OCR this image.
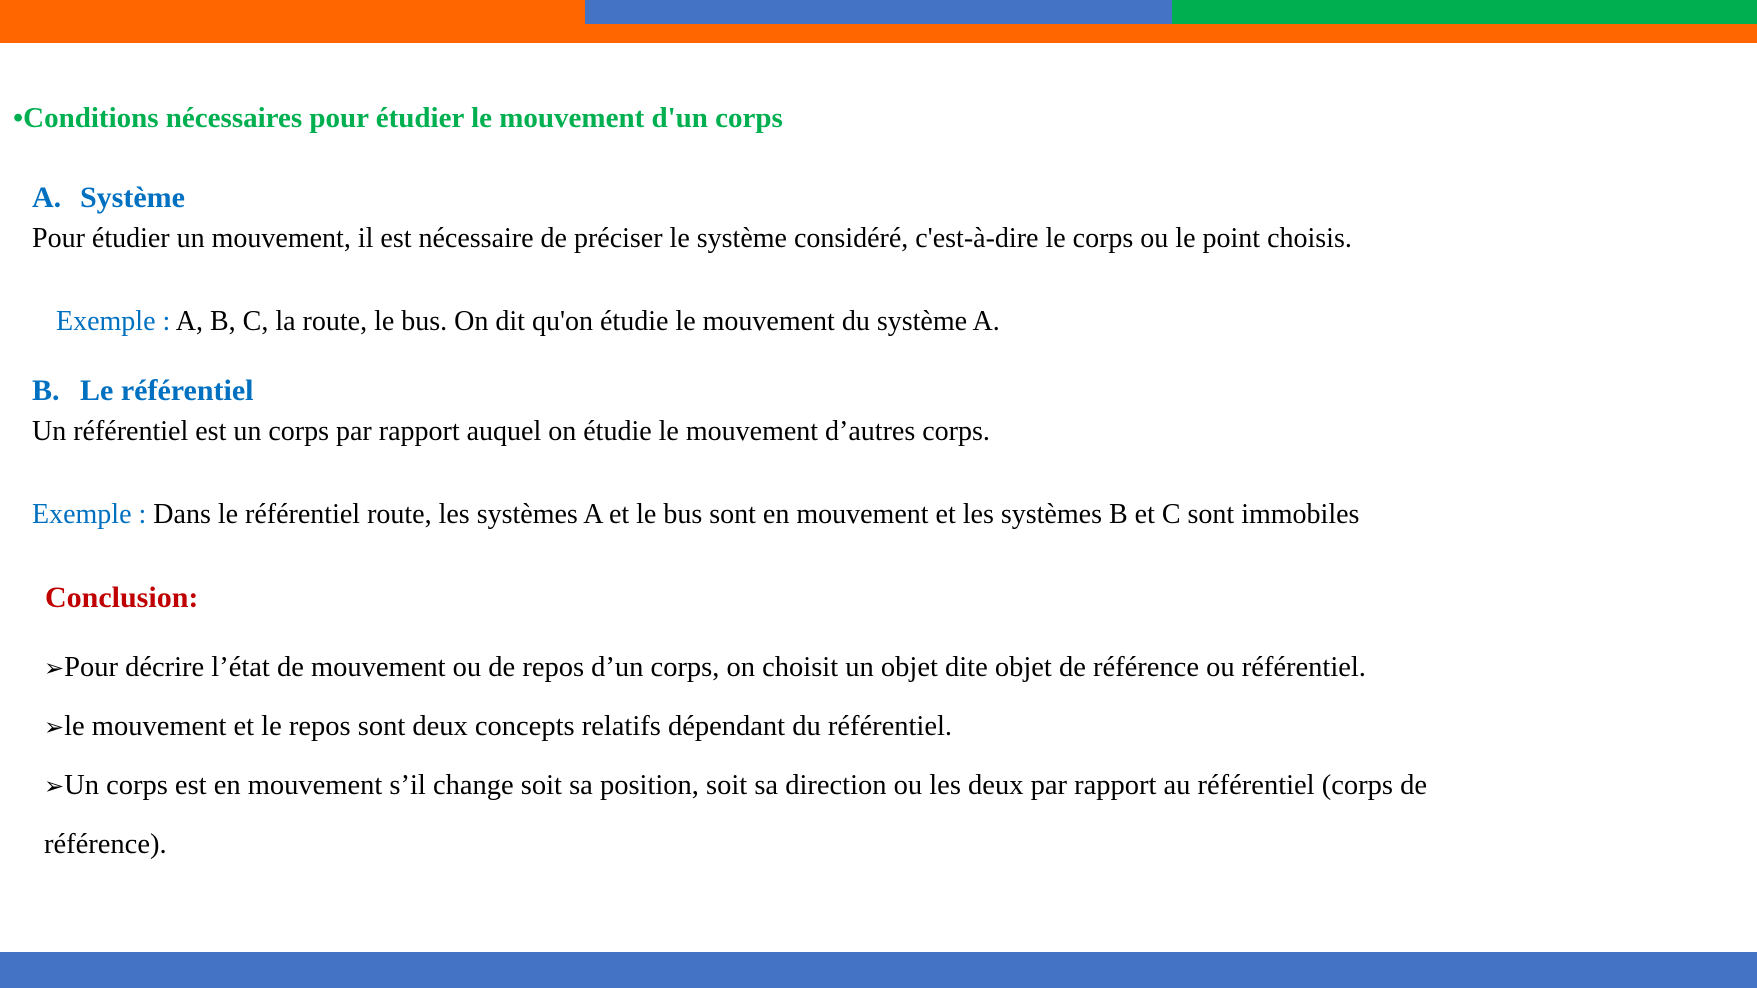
•Conditions nécessaires pour étudier le mouvement d'un corps
A. Système

Pour étudier un mouvement, il est nécessaire de préciser le système considéré, c'est-à-dire le corps ou le point choisis.

Exemple : A, B, C, la route, le bus. On dit qu'on étudie le mouvement du système A.

B. Le référentiel

Un référentiel est un corps par rapport auquel on étudie le mouvement d’autres corps.

Exemple : Dans le référentiel route, les systèmes A et le bus sont en mouvement et les systèmes B et C sont immobiles

Conclusion:

➢Pour décrire l’état de mouvement ou de repos d’un corps, on choisit un objet dite objet de référence ou référentiel.

➢le mouvement et le repos sont deux concepts relatifs dépendant du référentiel.

➢Un corps est en mouvement s’il change soit sa position, soit sa direction ou les deux par rapport au référentiel (corps de

référence).
